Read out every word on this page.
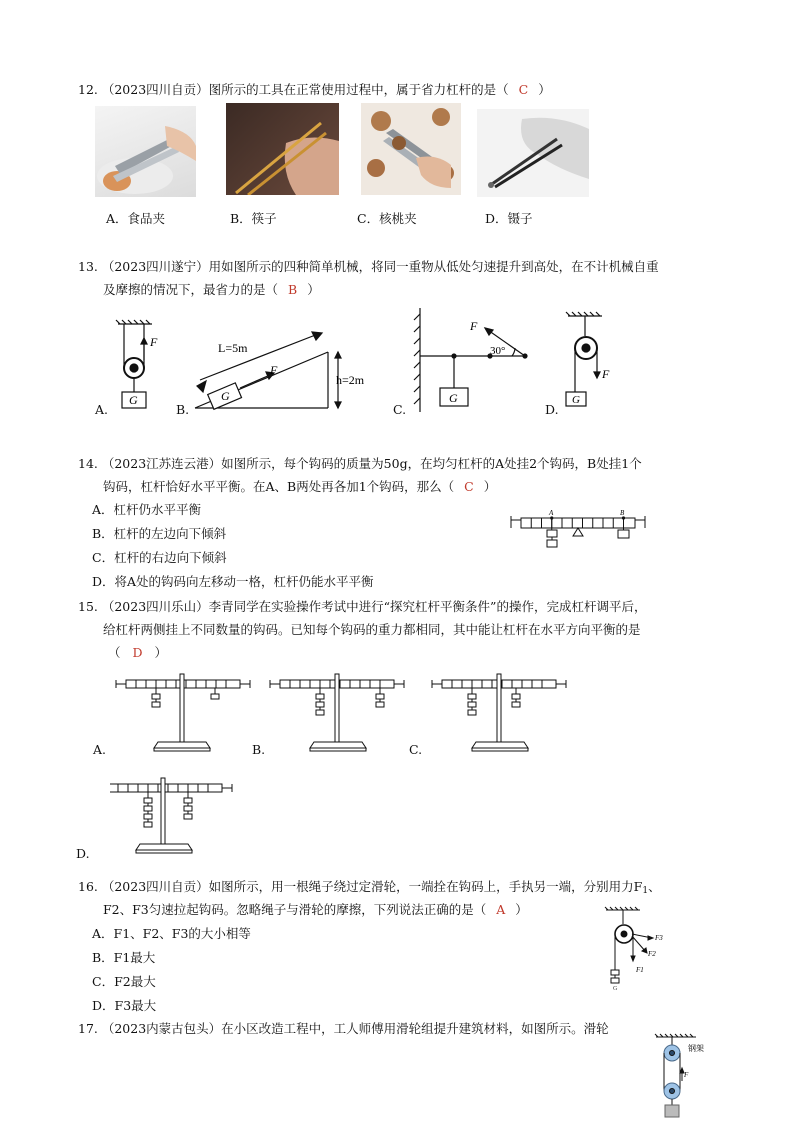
12. （2023四川自贡）图所示的工具在正常使用过程中，属于省力杠杆的是（ C ）
A．食品夹	B．筷子	C．核桃夹	D．镊子
13. （2023四川遂宁）用如图所示的四种简单机械，将同一重物从低处匀速提升到高处，在不计机械自重
及摩擦的情况下，最省力的是（ B ）
F
G
L=5m
F
G
h=2m
F
30°
G
F
G
A.	B.	C.	D.
14. （2023江苏连云港）如图所示，每个钩码的质量为50g，在均匀杠杆的A处挂2个钩码，B处挂1个
钩码，杠杆恰好水平平衡。在A、B两处再各加1个钩码，那么（ C ）
A．杠杆仍水平平衡
B．杠杆的左边向下倾斜
C．杠杆的右边向下倾斜
D．将A处的钩码向左移动一格，杠杆仍能水平平衡
A	B
15. （2023四川乐山）李青同学在实验操作考试中进行“探究杠杆平衡条件”的操作，完成杠杆调平后，
给杠杆两侧挂上不同数量的钩码。已知每个钩码的重力都相同，其中能让杠杆在水平方向平衡的是
（ D ）
A.	B.	C.
D.
16. （2023四川自贡）如图所示，用一根绳子绕过定滑轮，一端拴在钩码上，手执另一端，分别用力$F_1$、
F2、F3匀速拉起钩码。忽略绳子与滑轮的摩擦，下列说法正确的是（ A ）
A．F1、F2、F3的大小相等
B．F1最大
C．F2最大
D．F3最大
G
F1
F2
F3
17. （2023内蒙古包头）在小区改造工程中，工人师傅用滑轮组提升建筑材料，如图所示。滑轮
钢架
F
